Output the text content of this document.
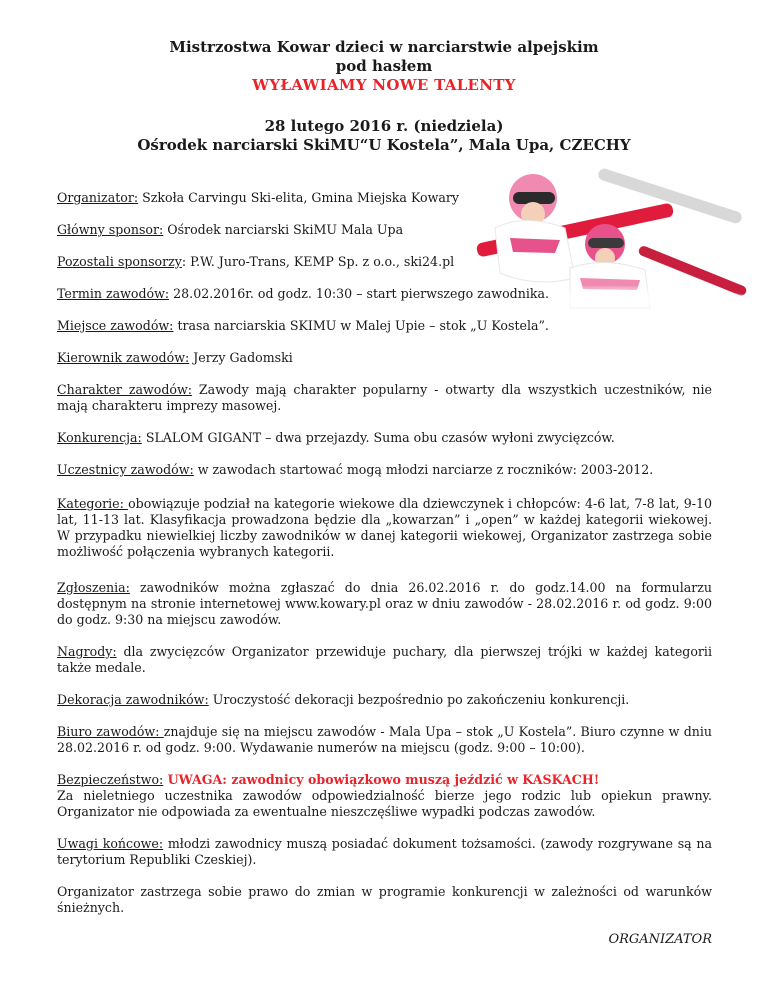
Mistrzostwa Kowar dzieci w narciarstwie alpejskim
pod hasłem
WYŁAWIAMY NOWE TALENTY
28 lutego 2016 r. (niedziela)
Ośrodek narciarski SkiMU“U Kostela”, Mala Upa, CZECHY
Organizator: Szkoła Carvingu Ski-elita, Gmina Miejska Kowary
Główny sponsor: Ośrodek narciarski SkiMU Mala Upa
Pozostali sponsorzy: P.W. Juro-Trans, KEMP Sp. z o.o., ski24.pl
Termin zawodów: 28.02.2016r. od godz. 10:30 – start pierwszego zawodnika.
Miejsce zawodów: trasa narciarskia SKIMU w Malej Upie – stok „U Kostela”.
Kierownik zawodów: Jerzy Gadomski
Charakter zawodów: Zawody mają charakter popularny - otwarty dla wszystkich uczestników, nie mają charakteru imprezy masowej.
Konkurencja: SLALOM GIGANT – dwa przejazdy. Suma obu czasów wyłoni zwycięzców.
Uczestnicy zawodów: w zawodach startować mogą młodzi narciarze z roczników: 2003-2012.
Kategorie: obowiązuje podział na kategorie wiekowe dla dziewczynek i chłopców: 4-6 lat, 7-8 lat, 9-10 lat, 11-13 lat. Klasyfikacja prowadzona będzie dla „kowarzan” i „open” w każdej kategorii wiekowej. W przypadku niewielkiej liczby zawodników w danej kategorii wiekowej, Organizator zastrzega sobie możliwość połączenia wybranych kategorii.
Zgłoszenia: zawodników można zgłaszać do dnia 26.02.2016 r. do godz.14.00 na formularzu dostępnym na stronie internetowej www.kowary.pl oraz w dniu zawodów - 28.02.2016 r. od godz. 9:00 do godz. 9:30 na miejscu zawodów.
Nagrody: dla zwycięzców Organizator przewiduje puchary, dla pierwszej trójki w każdej kategorii także medale.
Dekoracja zawodników: Uroczystość dekoracji bezpośrednio po zakończeniu konkurencji.
Biuro zawodów: znajduje się na miejscu zawodów - Mala Upa – stok „U Kostela”. Biuro czynne w dniu 28.02.2016 r. od godz. 9:00. Wydawanie numerów na miejscu (godz. 9:00 – 10:00).
Bezpieczeństwo: UWAGA: zawodnicy obowiązkowo muszą jeździć w KASKACH!
Za nieletniego uczestnika zawodów odpowiedzialność bierze jego rodzic lub opiekun prawny. Organizator nie odpowiada za ewentualne nieszczęśliwe wypadki podczas zawodów.
Uwagi końcowe: młodzi zawodnicy muszą posiadać dokument tożsamości. (zawody rozgrywane są na terytorium Republiki Czeskiej).
Organizator zastrzega sobie prawo do zmian w programie konkurencji w zależności od warunków śnieżnych.
ORGANIZATOR
